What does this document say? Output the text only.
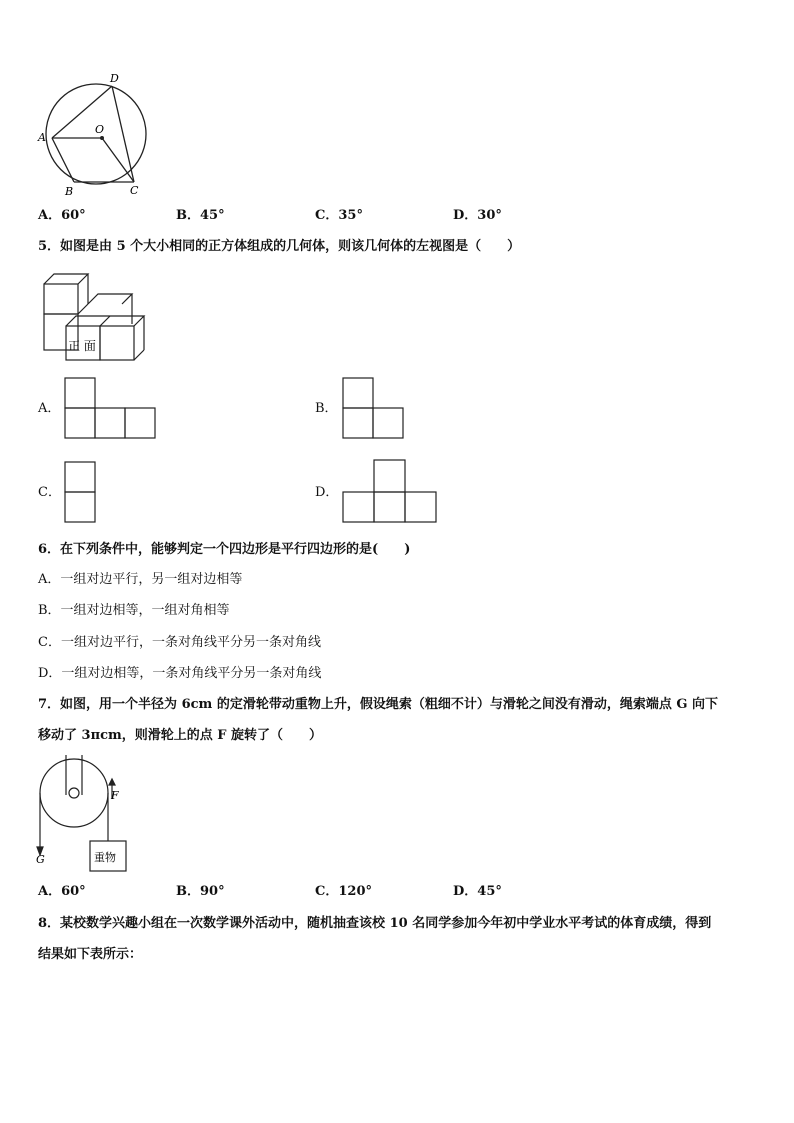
D
A
O
B	C
A．60°	B．45°	C．35°	D．30°
5．如图是由 5 个大小相同的正方体组成的几何体，则该几何体的左视图是（　　）
正 面
A．	B．
C．	D．
6．在下列条件中，能够判定一个四边形是平行四边形的是(　　)
A．一组对边平行，另一组对边相等
B．一组对边相等，一组对角相等
C．一组对边平行，一条对角线平分另一条对角线
D．一组对边相等，一条对角线平分另一条对角线
7．如图，用一个半径为 6cm 的定滑轮带动重物上升，假设绳索（粗细不计）与滑轮之间没有滑动，绳索端点 G 向下
移动了 3πcm，则滑轮上的点 F 旋转了（　　）
F
G	重物
A．60°	B．90°	C．120°	D．45°
8．某校数学兴趣小组在一次数学课外活动中，随机抽查该校 10 名同学参加今年初中学业水平考试的体育成绩，得到
结果如下表所示：
